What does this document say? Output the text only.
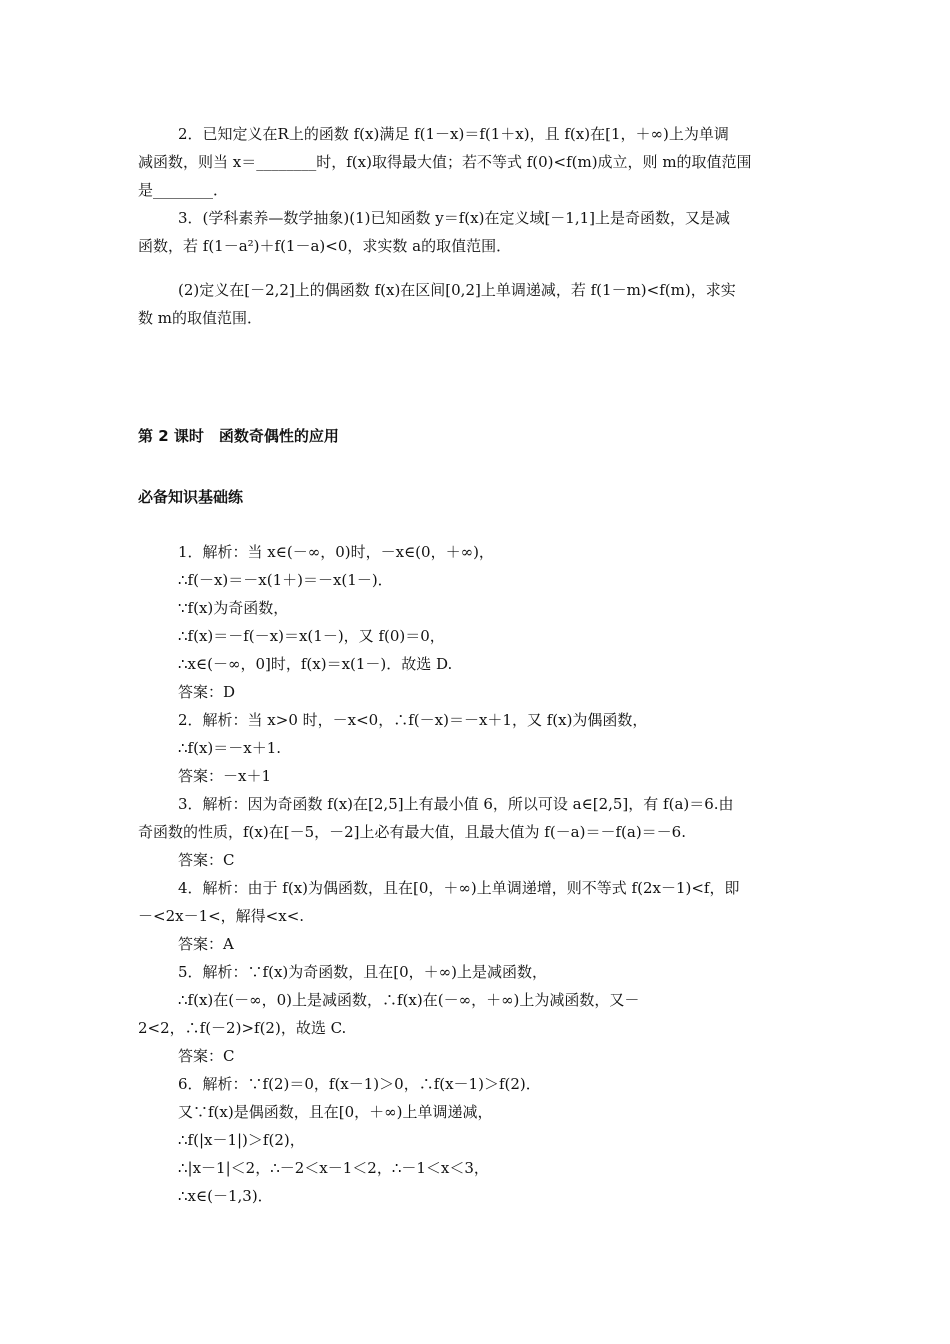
2．已知定义在R上的函数 f(x)满足 f(1－x)＝f(1＋x)，且 f(x)在[1，＋∞)上为单调
减函数，则当 x＝________时，f(x)取得最大值；若不等式 f(0)<f(m)成立，则 m的取值范围
是________．
3．(学科素养—数学抽象)(1)已知函数 y＝f(x)在定义域[－1,1]上是奇函数，又是减
函数，若 f(1－a²)＋f(1－a)<0，求实数 a的取值范围．
(2)定义在[－2,2]上的偶函数 f(x)在区间[0,2]上单调递减，若 f(1－m)<f(m)，求实
数 m的取值范围．
第 2 课时　函数奇偶性的应用
必备知识基础练
1．解析：当 x∈(－∞，0)时，－x∈(0，＋∞)，
∴f(－x)＝－x(1＋)＝－x(1－)．
∵f(x)为奇函数，
∴f(x)＝－f(－x)＝x(1－)，又 f(0)＝0，
∴x∈(－∞，0]时，f(x)＝x(1－)．故选 D.
答案：D
2．解析：当 x>0 时，－x<0，∴f(－x)＝－x＋1，又 f(x)为偶函数，
∴f(x)＝－x＋1.
答案：－x＋1
3．解析：因为奇函数 f(x)在[2,5]上有最小值 6，所以可设 a∈[2,5]，有 f(a)＝6.由
奇函数的性质，f(x)在[－5，－2]上必有最大值，且最大值为 f(－a)＝－f(a)＝－6.
答案：C
4．解析：由于 f(x)为偶函数，且在[0，＋∞)上单调递增，则不等式 f(2x－1)<f，即
－<2x－1<，解得<x<.
答案：A
5．解析：∵f(x)为奇函数，且在[0，＋∞)上是减函数，
∴f(x)在(－∞，0)上是减函数，∴f(x)在(－∞，＋∞)上为减函数，又－
2<2，∴f(－2)>f(2)，故选 C.
答案：C
6．解析：∵f(2)＝0，f(x－1)＞0，∴f(x－1)＞f(2)．
又∵f(x)是偶函数，且在[0，＋∞)上单调递减，
∴f(|x－1|)＞f(2)，
∴|x－1|＜2，∴－2＜x－1＜2，∴－1＜x＜3，
∴x∈(－1,3)．
